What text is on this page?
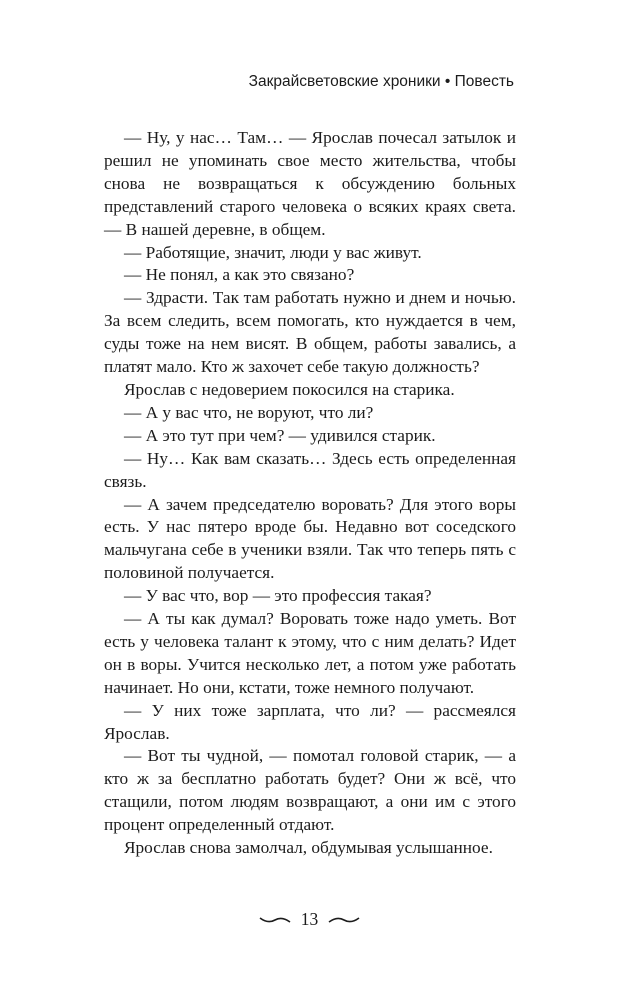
Закрайсветовские хроники • Повесть

— Ну, у нас… Там… — Ярослав почесал затылок и решил не упоминать свое место жительства, чтобы снова не возвращаться к обсуждению больных представлений старого человека о всяких краях света. — В нашей деревне, в общем.

— Работящие, значит, люди у вас живут.

— Не понял, а как это связано?

— Здрасти. Так там работать нужно и днем и ночью. За всем следить, всем помогать, кто нуждается в чем, суды тоже на нем висят. В общем, работы завались, а платят мало. Кто ж захочет себе такую должность?

Ярослав с недоверием покосился на старика.

— А у вас что, не воруют, что ли?

— А это тут при чем? — удивился старик.

— Ну… Как вам сказать… Здесь есть определенная связь.

— А зачем председателю воровать? Для этого воры есть. У нас пятеро вроде бы. Недавно вот соседского мальчугана себе в ученики взяли. Так что теперь пять с половиной получается.

— У вас что, вор — это профессия такая?

— А ты как думал? Воровать тоже надо уметь. Вот есть у человека талант к этому, что с ним делать? Идет он в воры. Учится несколько лет, а потом уже работать начинает. Но они, кстати, тоже немного получают.

— У них тоже зарплата, что ли? — рассмеялся Ярослав.

— Вот ты чудной, — помотал головой старик, — а кто ж за бесплатно работать будет? Они ж всё, что стащили, потом людям возвращают, а они им с этого процент определенный отдают.

Ярослав снова замолчал, обдумывая услышанное.

13
